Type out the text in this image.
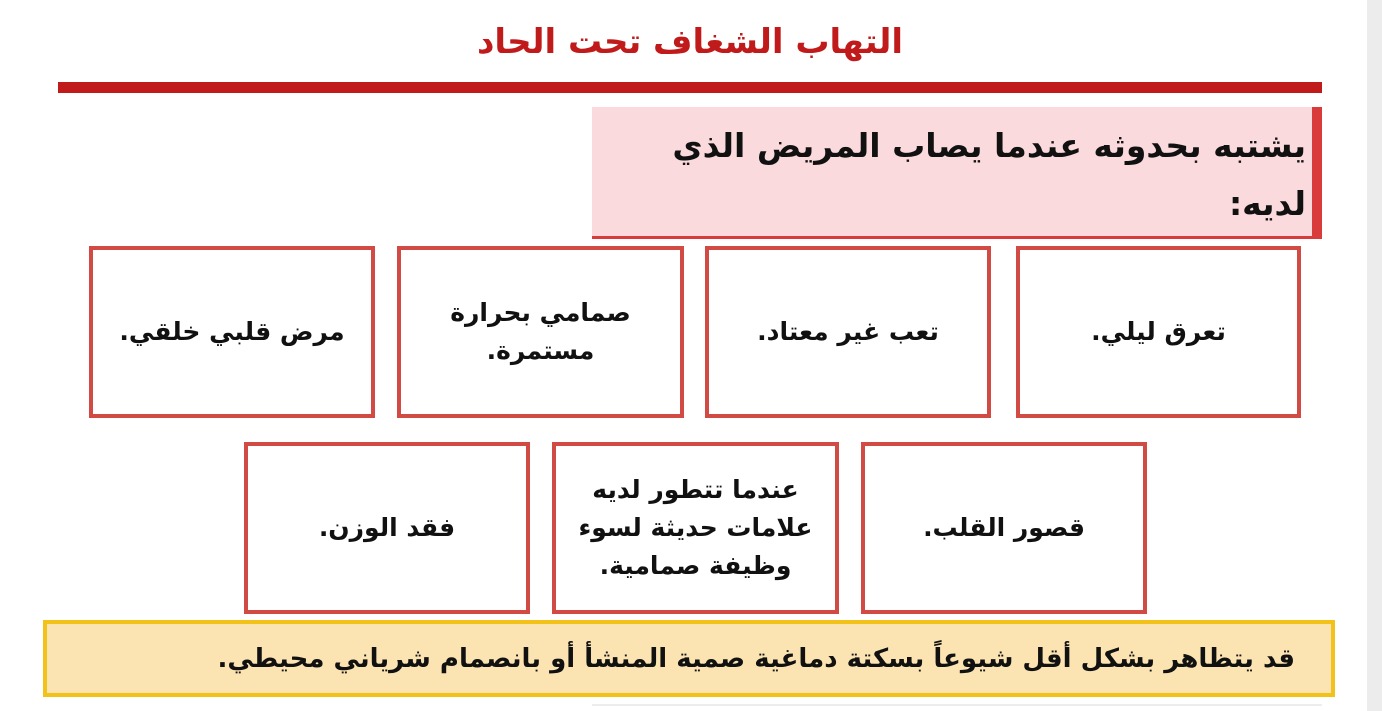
التهاب الشغاف تحت الحاد

يشتبه بحدوثه عندما يصاب المريض الذي لديه:

تعرق ليلي.
تعب غير معتاد.
صمامي بحرارة مستمرة.
مرض قلبي خلقي.
قصور القلب.
عندما تتطور لديه علامات حديثة لسوء وظيفة صمامية.
فقد الوزن.
قد يتظاهر بشكل أقل شيوعاً بسكتة دماغية صمية المنشأ أو بانصمام شرياني محيطي.
